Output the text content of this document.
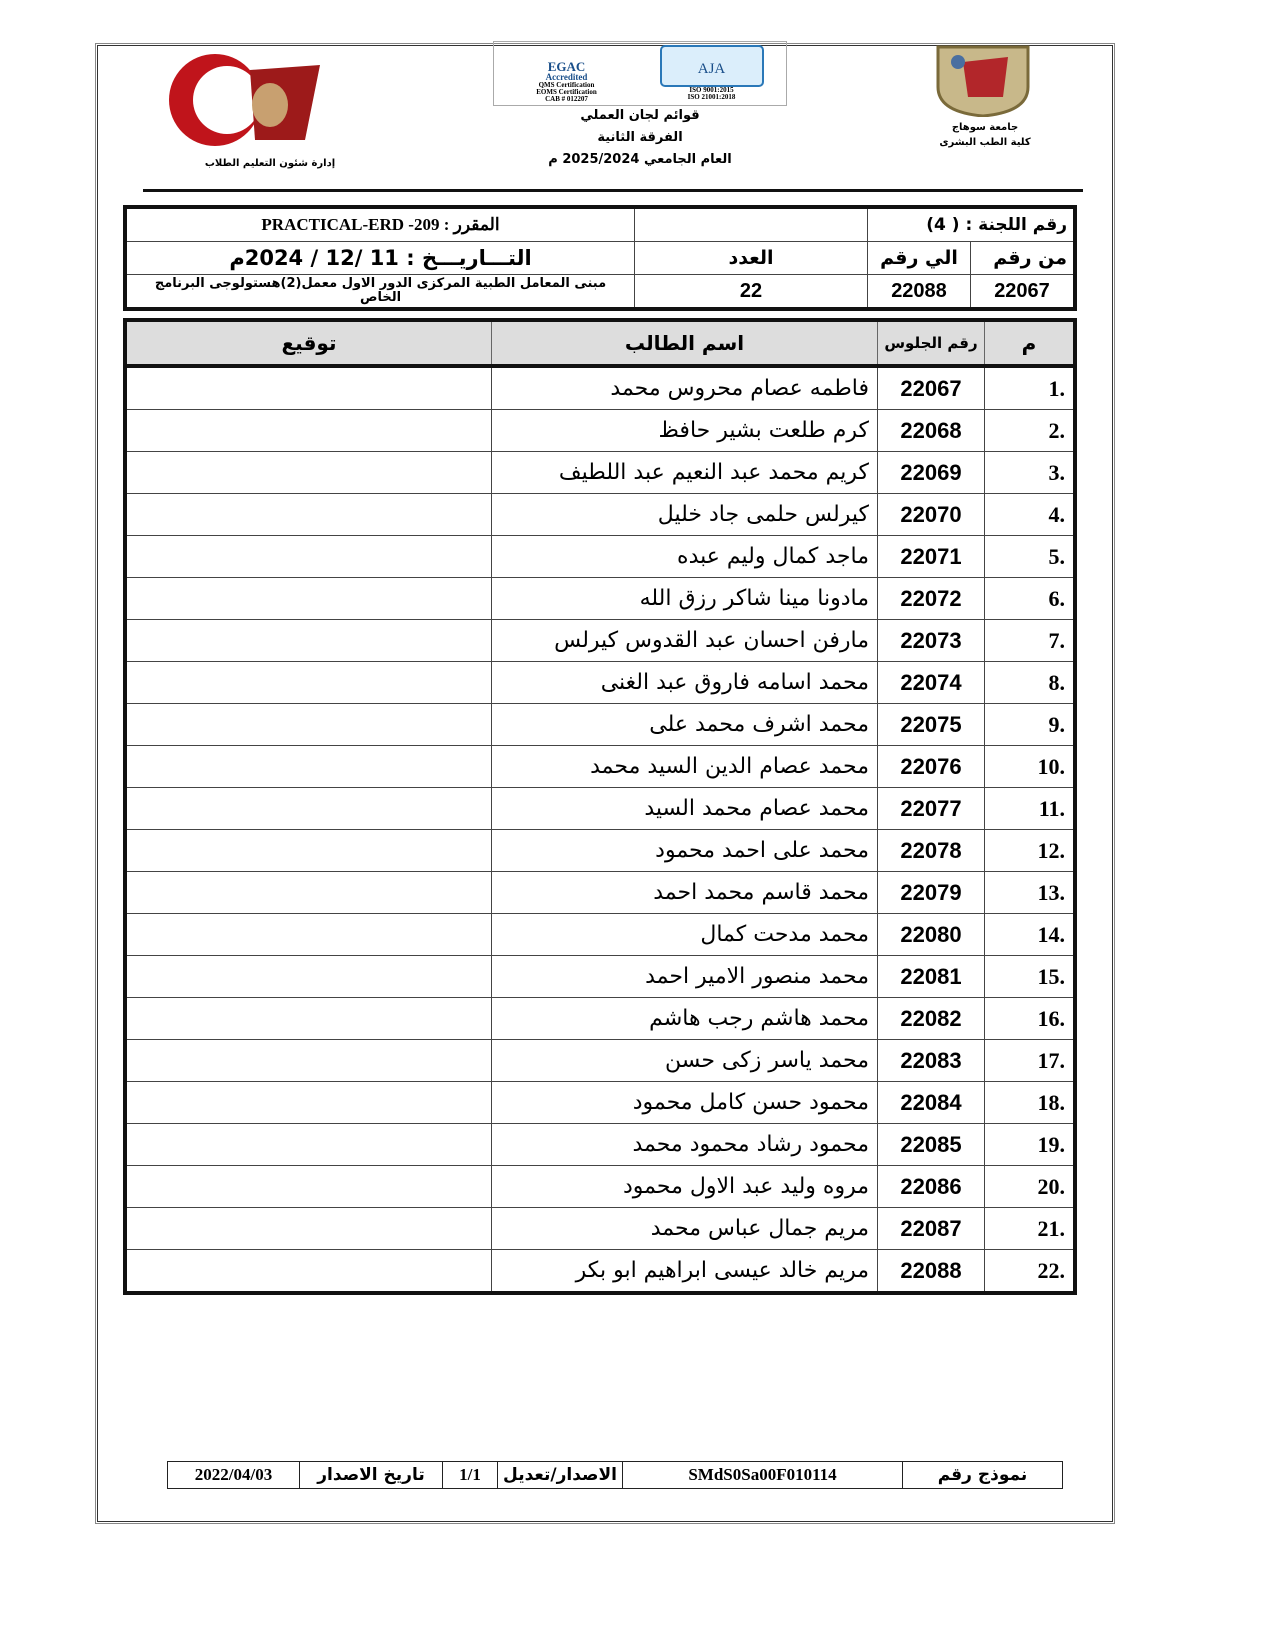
إدارة شئون التعليم الطلاب
EGAC
Accredited
QMS Certification
EOMS Certification
CAB # 012207
AJA
ISO 9001:2015
ISO 21001:2018
قوائم لجان العملي
الفرقة الثانية
العام الجامعي 2025/2024 م
جامعة سوهاج
كلية الطب البشرى
رقم اللجنة : ( 4)			المقرر : 209- PRACTICAL-ERD
من رقم	الي رقم	العدد	التـــاريـــخ : 11 /12 / 2024م
22067	22088	22	مبنى المعامل الطبية المركزى الدور الاول معمل(2)هستولوجى البرنامج الخاص
م	رقم الجلوس	اسم الطالب	توقيع
.1	22067	فاطمه عصام محروس محمد	
.2	22068	كرم طلعت بشير حافظ	
.3	22069	كريم محمد عبد النعيم عبد اللطيف	
.4	22070	كيرلس حلمى جاد خليل	
.5	22071	ماجد كمال وليم عبده	
.6	22072	مادونا مينا شاكر رزق الله	
.7	22073	مارفن احسان عبد القدوس كيرلس	
.8	22074	محمد اسامه فاروق عبد الغنى	
.9	22075	محمد اشرف محمد على	
.10	22076	محمد عصام الدين السيد محمد	
.11	22077	محمد عصام محمد السيد	
.12	22078	محمد على احمد محمود	
.13	22079	محمد قاسم محمد احمد	
.14	22080	محمد مدحت كمال	
.15	22081	محمد منصور الامير احمد	
.16	22082	محمد هاشم رجب هاشم	
.17	22083	محمد ياسر زكى حسن	
.18	22084	محمود حسن كامل محمود	
.19	22085	محمود رشاد محمود محمد	
.20	22086	مروه وليد عبد الاول محمود	
.21	22087	مريم جمال عباس محمد	
.22	22088	مريم خالد عيسى ابراهيم ابو بكر	
نموذج رقم	SMdS0Sa00F010114	الاصدار/تعديل	1/1	تاريخ الاصدار	2022/04/03
